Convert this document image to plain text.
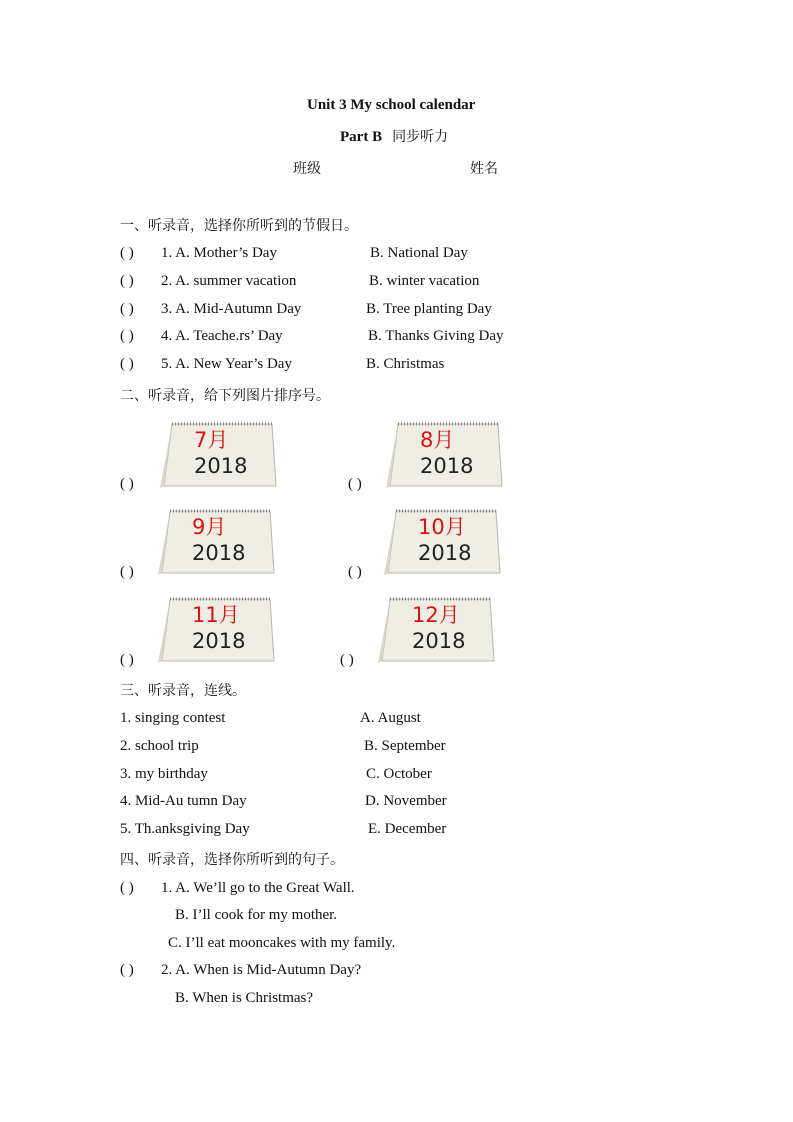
Unit 3 My school calendar
Part B 同步听力
班级	姓名
一、听录音，选择你所听到的节假日。
( ) 1. A. Mother’s Day	B. National Day
( ) 2. A. summer vacation	B. winter vacation
( ) 3. A. Mid-Autumn Day	B. Tree planting Day
( ) 4. A. Teache.rs’ Day	B. Thanks Giving Day
( ) 5. A. New Year’s Day	B. Christmas
二、听录音，给下列图片排序号。
( )
7月
2018
( )
8月
2018
( )
9月
2018
( )
10月
2018
( )
11月
2018
( )
12月
2018
三、听录音，连线。
1. singing contest	A. August
2. school trip	B. September
3. my birthday	C. October
4. Mid-Au tumn Day	D. November
5. Th.anksgiving Day	E. December
四、听录音，选择你所听到的句子。
( ) 1. A. We’ll go to the Great Wall.
B. I’ll cook for my mother.
C. I’ll eat mooncakes with my family.
( ) 2. A. When is Mid-Autumn Day?
B. When is Christmas?
